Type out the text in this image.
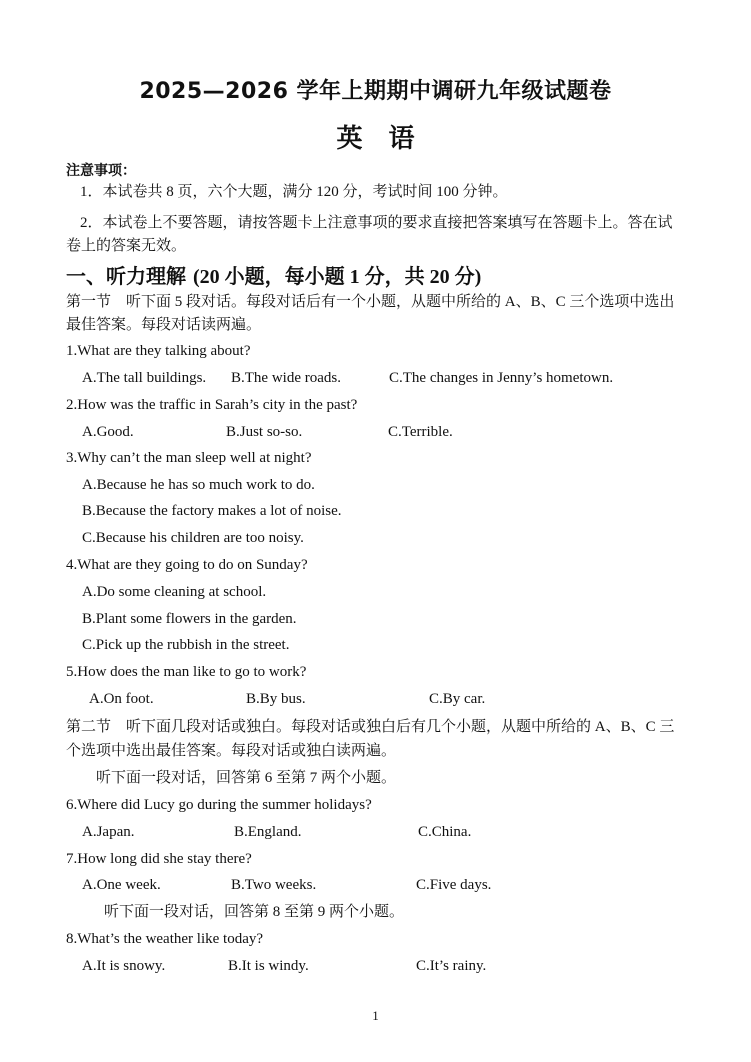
2025—2026 学年上期期中调研九年级试题卷
英语
注意事项：
1．本试卷共 8 页，六个大题，满分 120 分，考试时间 100 分钟。
2．本试卷上不要答题，请按答题卡上注意事项的要求直接把答案填写在答题卡上。答在试
卷上的答案无效。
一、听力理解 (20 小题，每小题 1 分，共 20 分)
第一节　听下面 5 段对话。每段对话后有一个小题，从题中所给的 A、B、C 三个选项中选出
最佳答案。每段对话读两遍。
1.What are they talking about?
A.The tall buildings. B.The wide roads.	C.The changes in Jenny’s hometown.
2.How was the traffic in Sarah’s city in the past?
A.Good.	B.Just so-so.	C.Terrible.
3.Why can’t the man sleep well at night?
A.Because he has so much work to do.
B.Because the factory makes a lot of noise.
C.Because his children are too noisy.
4.What are they going to do on Sunday?
A.Do some cleaning at school.
B.Plant some flowers in the garden.
C.Pick up the rubbish in the street.
5.How does the man like to go to work?
A.On foot.	B.By bus.	C.By car.
第二节　听下面几段对话或独白。每段对话或独白后有几个小题，从题中所给的 A、B、C 三
个选项中选出最佳答案。每段对话或独白读两遍。
听下面一段对话，回答第 6 至第 7 两个小题。
6.Where did Lucy go during the summer holidays?
A.Japan.	B.England.	C.China.
7.How long did she stay there?
A.One week.	B.Two weeks.	C.Five days.
听下面一段对话，回答第 8 至第 9 两个小题。
8.What’s the weather like today?
A.It is snowy.	B.It is windy.	C.It’s rainy.
1
